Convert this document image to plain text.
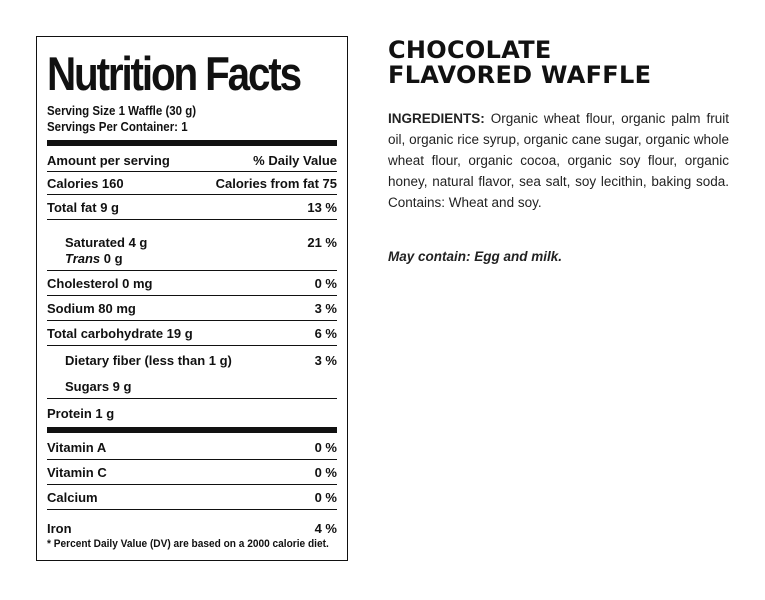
Nutrition Facts
Serving Size 1 Waffle (30 g)
Servings Per Container: 1
Amount per serving	% Daily Value
Calories 160	Calories from fat 75
Total fat 9 g	13 %
Saturated 4 g	21 %
Trans 0 g
Cholesterol 0 mg	0 %
Sodium 80 mg	3 %
Total carbohydrate 19 g	6 %
Dietary fiber (less than 1 g)	3 %
Sugars 9 g
Protein 1 g
Vitamin A	0 %
Vitamin C	0 %
Calcium	0 %
Iron	4 %
* Percent Daily Value (DV) are based on a 2000 calorie diet.
CHOCOLATE
FLAVORED WAFFLE
INGREDIENTS: Organic wheat flour, organic palm fruit oil, organic rice syrup, organic cane sugar, organic whole wheat flour, organic cocoa, organic soy flour, organic honey, natural flavor, sea salt, soy lecithin, baking soda. Contains: Wheat and soy.
May contain: Egg and milk.
